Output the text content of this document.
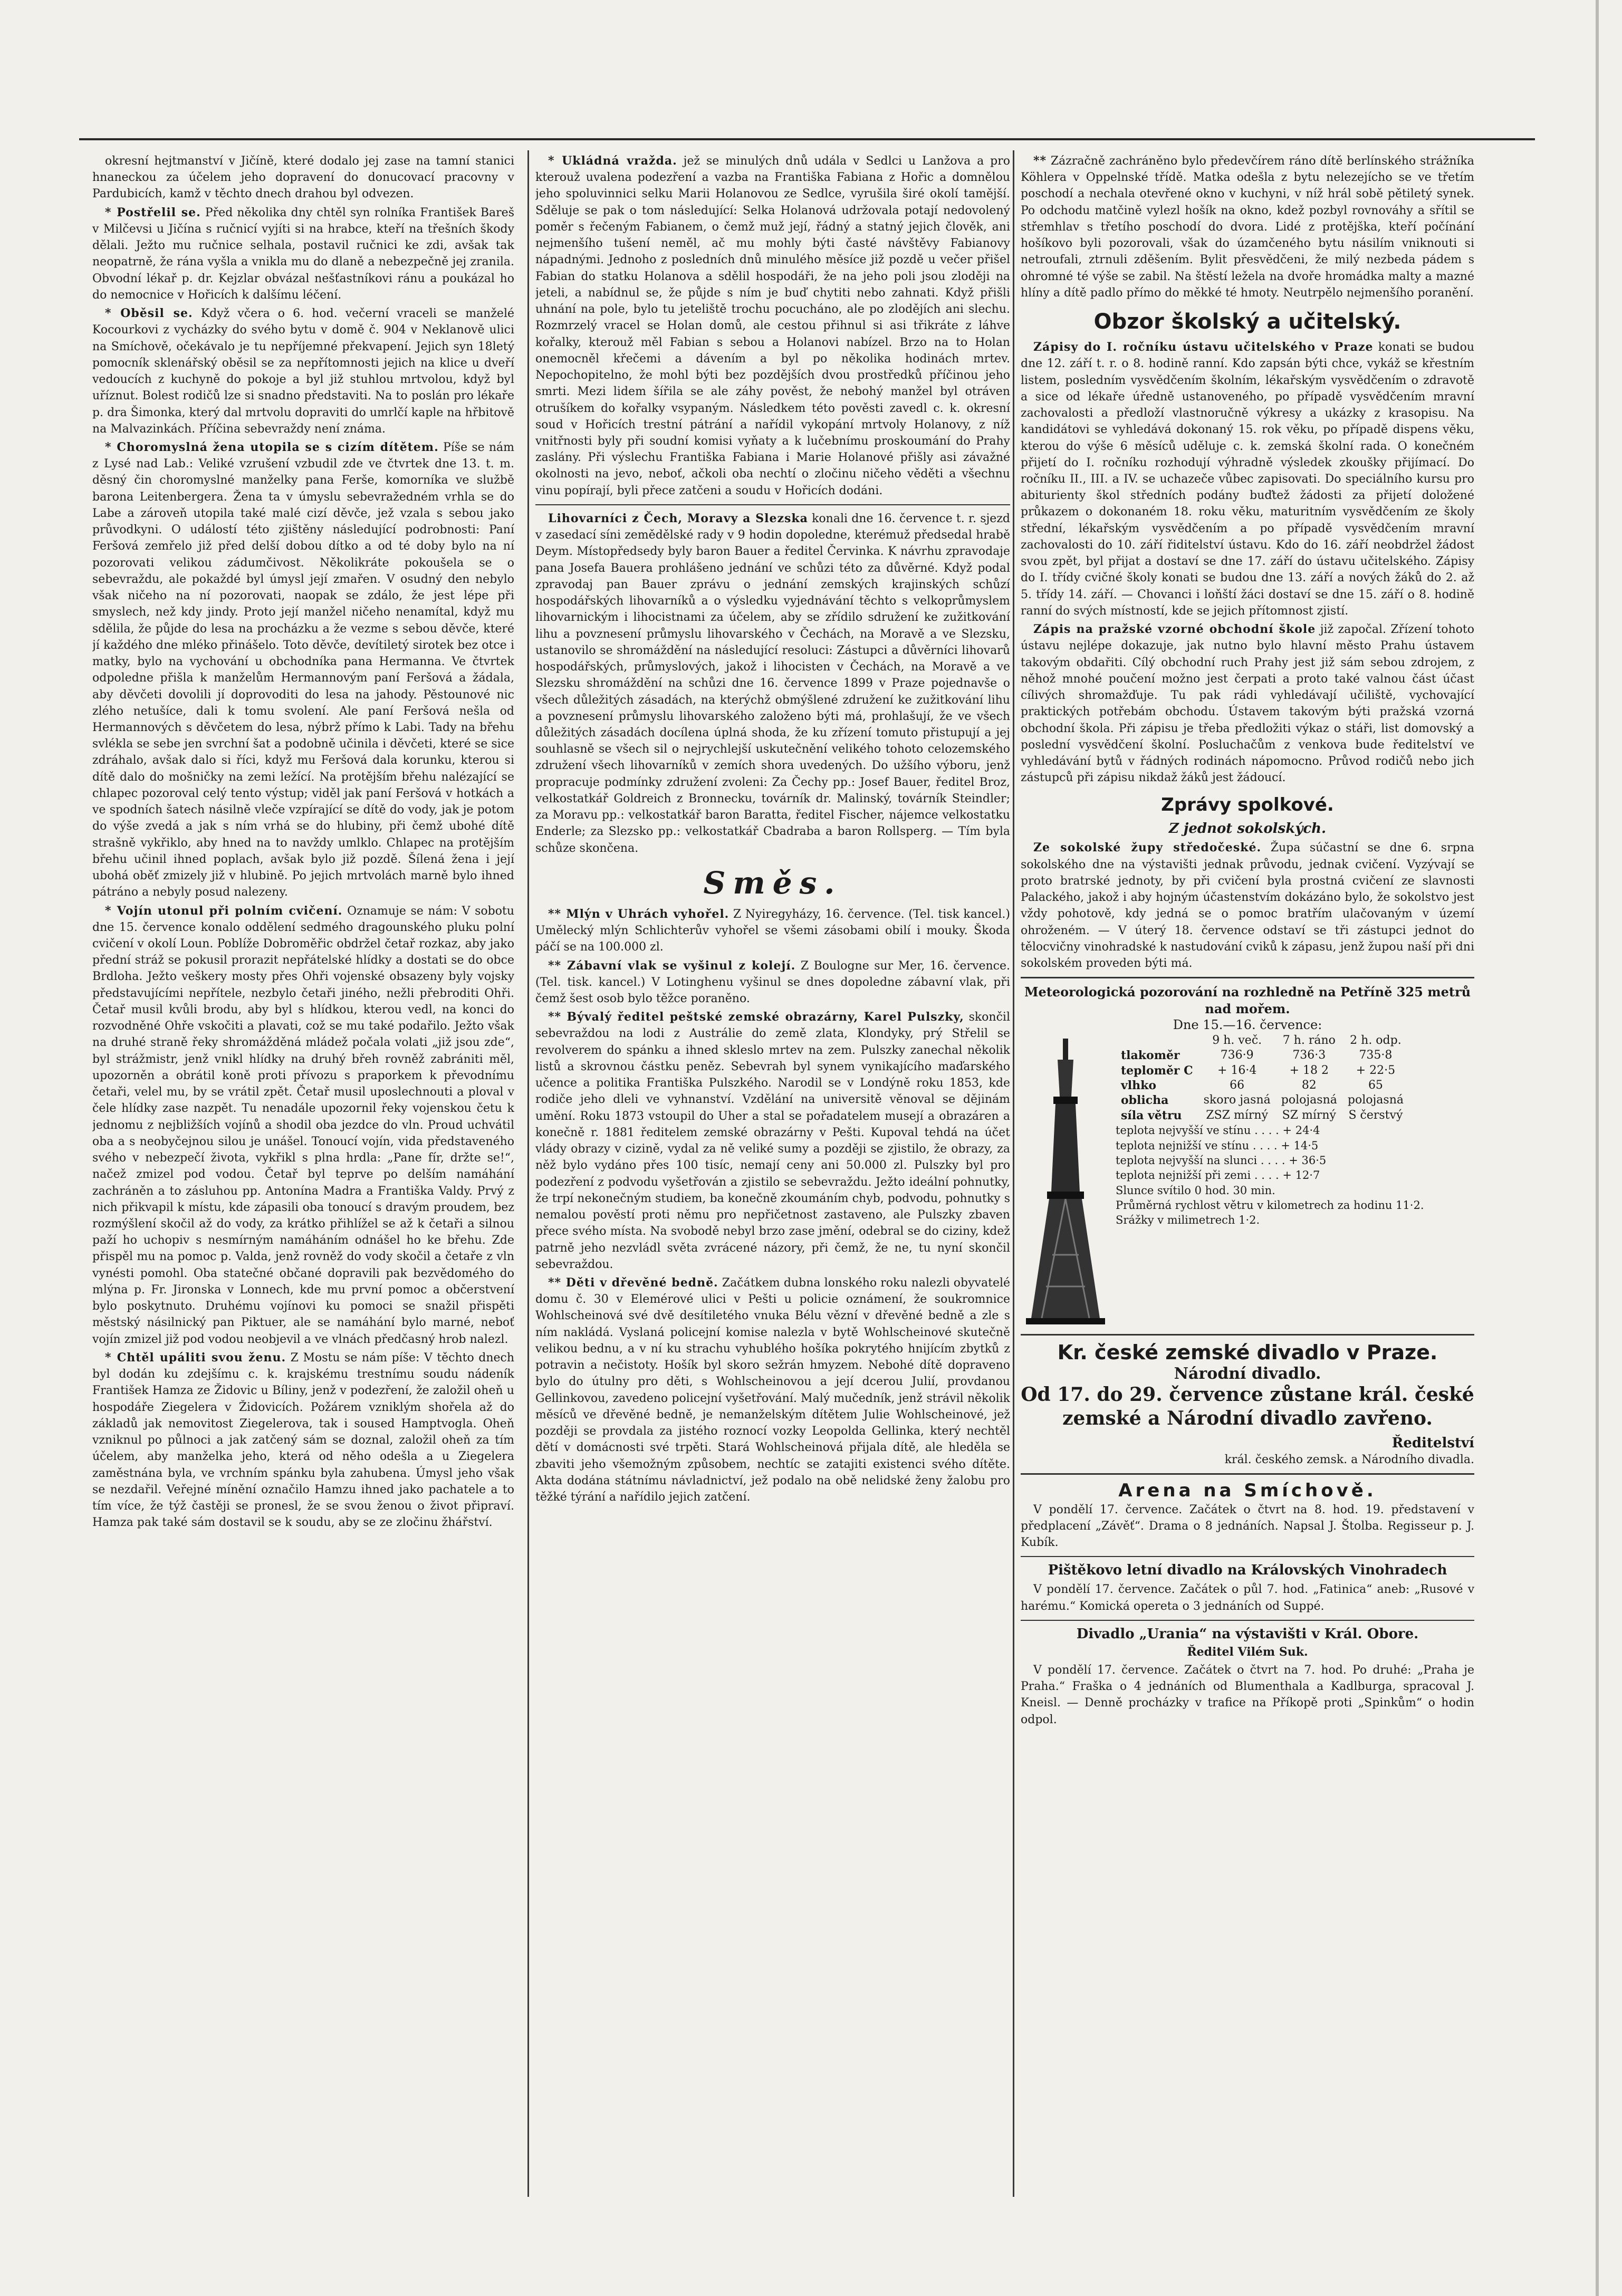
okresní hejtmanství v Jičíně, které dodalo jej zase na tamní stanici hnaneckou za účelem jeho dopravení do donucovací pracovny v Pardubicích, kamž v těchto dnech drahou byl odvezen.

* Postřelil se. Před několika dny chtěl syn rolníka František Bareš v Milčevsi u Jičína s ručnicí vyjíti si na hrabce, kteří na třešních škody dělali. Ježto mu ručnice selhala, postavil ručnici ke zdi, avšak tak neopatrně, že rána vyšla a vnikla mu do dlaně a nebezpečně jej zranila. Obvodní lékař p. dr. Kejzlar obvázal nešťastníkovi ránu a poukázal ho do nemocnice v Hořicích k dalšímu léčení.

* Oběsil se. Když včera o 6. hod. večerní vraceli se manželé Kocourkovi z vycházky do svého bytu v domě č. 904 v Neklanově ulici na Smíchově, očekávalo je tu nepříjemné překvapení. Jejich syn 18letý pomocník sklenářský oběsil se za nepřítomnosti jejich na klice u dveří vedoucích z kuchyně do pokoje a byl již stuhlou mrtvolou, když byl uříznut. Bolest rodičů lze si snadno představiti. Na to poslán pro lékaře p. dra Šimonka, který dal mrtvolu dopraviti do umrlčí kaple na hřbitově na Malvazinkách. Příčina sebevraždy není známa.

* Choromyslná žena utopila se s cizím dítětem. Píše se nám z Lysé nad Lab.: Veliké vzrušení vzbudil zde ve čtvrtek dne 13. t. m. děsný čin choromyslné manželky pana Ferše, komorníka ve službě barona Leitenbergera. Žena ta v úmyslu sebevražedném vrhla se do Labe a zároveň utopila také malé cizí děvče, jež vzala s sebou jako průvodkyni. O událostí této zjištěny následující podrobnosti: Paní Feršová zemřelo již před delší dobou dítko a od té doby bylo na ní pozorovati velikou zádumčivost. Několikráte pokoušela se o sebevraždu, ale pokaždé byl úmysl její zmařen. V osudný den nebylo však ničeho na ní pozorovati, naopak se zdálo, že jest lépe při smyslech, než kdy jindy. Proto její manžel ničeho nenamítal, když mu sdělila, že půjde do lesa na procházku a že vezme s sebou děvče, které jí každého dne mléko přinášelo. Toto děvče, devítiletý sirotek bez otce i matky, bylo na vychování u obchodníka pana Hermanna. Ve čtvrtek odpoledne přišla k manželům Hermannovým paní Feršová a žádala, aby děvčeti dovolili jí doprovoditi do lesa na jahody. Pěstounové nic zlého netušíce, dali k tomu svolení. Ale paní Feršová nešla od Hermannových s děvčetem do lesa, nýbrž přímo k Labi. Tady na břehu svlékla se sebe jen svrchní šat a podobně učinila i děvčeti, které se sice zdráhalo, avšak dalo si říci, když mu Feršová dala korunku, kterou si dítě dalo do mošničky na zemi ležící. Na protějším břehu nalézající se chlapec pozoroval celý tento výstup; viděl jak paní Feršová v hotkách a ve spodních šatech násilně vleče vzpírající se dítě do vody, jak je potom do výše zvedá a jak s ním vrhá se do hlubiny, při čemž ubohé dítě strašně vykřiklo, aby hned na to navždy umlklo. Chlapec na protějším břehu učinil ihned poplach, avšak bylo již pozdě. Šílená žena i její ubohá oběť zmizely již v hlubině. Po jejich mrtvolách marně bylo ihned pátráno a nebyly posud nalezeny.

* Vojín utonul při polním cvičení. Oznamuje se nám: V sobotu dne 15. července konalo oddělení sedmého dragounského pluku polní cvičení v okolí Loun. Poblíže Dobroměřic obdržel četař rozkaz, aby jako přední stráž se pokusil prorazit nepřátelské hlídky a dostati se do obce Brdloha. Ježto veškery mosty přes Ohři vojenské obsazeny byly vojsky představujícími nepřítele, nezbylo četaři jiného, nežli přebroditi Ohři. Četař musil kvůli brodu, aby byl s hlídkou, kterou vedl, na konci do rozvodněné Ohře vskočiti a plavati, což se mu také podařilo. Ježto však na druhé straně řeky shromážděná mládež počala volati „již jsou zde“, byl strážmistr, jenž vnikl hlídky na druhý břeh rovněž zabrániti měl, upozorněn a obrátil koně proti přívozu s praporkem k převodnímu četaři, velel mu, by se vrátil zpět. Četař musil uposlechnouti a ploval v čele hlídky zase nazpět. Tu nenadále upozornil řeky vojenskou četu k jednomu z nejbližších vojínů a shodil oba jezdce do vln. Proud uchvátil oba a s neobyčejnou silou je unášel. Tonoucí vojín, vida představeného svého v nebezpečí života, vykřikl s plna hrdla: „Pane fír, držte se!“, načež zmizel pod vodou. Četař byl teprve po delším namáhání zachráněn a to zásluhou pp. Antonína Madra a Františka Valdy. Prvý z nich přikvapil k místu, kde zápasili oba tonoucí s dravým proudem, bez rozmýšlení skočil až do vody, za krátko přihlížel se až k četaři a silnou paží ho uchopiv s nesmírným namáháním odnášel ho ke břehu. Zde přispěl mu na pomoc p. Valda, jenž rovněž do vody skočil a četaře z vln vynésti pomohl. Oba statečné občané dopravili pak bezvědomého do mlýna p. Fr. Jironska v Lonnech, kde mu první pomoc a občerstvení bylo poskytnuto. Druhému vojínovi ku pomoci se snažil přispěti městský násilnický pan Piktuer, ale se namáhání bylo marné, neboť vojín zmizel již pod vodou neobjevil a ve vlnách předčasný hrob nalezl.

* Chtěl upáliti svou ženu. Z Mostu se nám píše: V těchto dnech byl dodán ku zdejšímu c. k. krajskému trestnímu soudu nádeník František Hamza ze Židovic u Bíliny, jenž v podezření, že založil oheň u hospodáře Ziegelera v Židovicích. Požárem vzniklým shořela až do základů jak nemovitost Ziegelerova, tak i soused Hamptvogla. Oheň vzniknul po půlnoci a jak zatčený sám se doznal, založil oheň za tím účelem, aby manželka jeho, která od něho odešla a u Ziegelera zaměstnána byla, ve vrchním spánku byla zahubena. Úmysl jeho však se nezdařil. Veřejné mínění označilo Hamzu ihned jako pachatele a to tím více, že týž častěji se pronesl, že se svou ženou o život připraví. Hamza pak také sám dostavil se k soudu, aby se ze zločinu žhářství.

* Ukládná vražda. jež se minulých dnů udála v Sedlci u Lanžova a pro kterouž uvalena podezření a vazba na Františka Fabiana z Hořic a domnělou jeho spoluvinnici selku Marii Holanovou ze Sedlce, vyrušila širé okolí tamější. Sděluje se pak o tom následující: Selka Holanová udržovala potají nedovolený poměr s řečeným Fabianem, o čemž muž její, řádný a statný jejich člověk, ani nejmenšího tušení neměl, ač mu mohly býti časté návštěvy Fabianovy nápadnými. Jednoho z posledních dnů minulého měsíce již pozdě u večer přišel Fabian do statku Holanova a sdělil hospodáři, že na jeho poli jsou zloději na jeteli, a nabídnul se, že půjde s ním je buď chytiti nebo zahnati. Když přišli uhnání na pole, bylo tu jeteliště trochu pocucháno, ale po zlodějích ani slechu. Rozmrzelý vracel se Holan domů, ale cestou přihnul si asi třikráte z láhve kořalky, kterouž měl Fabian s sebou a Holanovi nabízel. Brzo na to Holan onemocněl křečemi a dávením a byl po několika hodinách mrtev. Nepochopitelno, že mohl býti bez pozdějších dvou prostředků příčinou jeho smrti. Mezi lidem šířila se ale záhy pověst, že nebohý manžel byl otráven otrušíkem do kořalky vsypaným. Následkem této pověsti zavedl c. k. okresní soud v Hořicích trestní pátrání a nařídil vykopání mrtvoly Holanovy, z níž vnitřnosti byly při soudní komisi vyňaty a k lučebnímu proskoumání do Prahy zaslány. Při výslechu Františka Fabiana i Marie Holanové přišly asi závažné okolnosti na jevo, neboť, ačkoli oba nechtí o zločinu ničeho věděti a všechnu vinu popírají, byli přece zatčeni a soudu v Hořicích dodáni.

Lihovarníci z Čech, Moravy a Slezska konali dne 16. července t. r. sjezd v zasedací síni zemědělské rady v 9 hodin dopoledne, kterémuž předsedal hrabě Deym. Místopředsedy byly baron Bauer a ředitel Červinka. K návrhu zpravodaje pana Josefa Bauera prohlášeno jednání ve schůzi této za důvěrné. Když podal zpravodaj pan Bauer zprávu o jednání zemských krajinských schůzí hospodářských lihovarníků a o výsledku vyjednávání těchto s velkoprůmyslem lihovarnickým i lihocistnami za účelem, aby se zřídilo sdružení ke zužitkování lihu a povznesení průmyslu lihovarského v Čechách, na Moravě a ve Slezsku, ustanovilo se shromáždění na následující resoluci: Zástupci a důvěrníci lihovarů hospodářských, průmyslových, jakož i lihocisten v Čechách, na Moravě a ve Slezsku shromáždění na schůzi dne 16. července 1899 v Praze pojednavše o všech důležitých zásadách, na kterýchž obmýšlené združení ke zužitkování lihu a povznesení průmyslu lihovarského založeno býti má, prohlašují, že ve všech důležitých zásadách docílena úplná shoda, že ku zřízení tomuto přistupují a jej souhlasně se všech sil o nejrychlejší uskutečnění velikého tohoto celozemského združení všech lihovarníků v zemích shora uvedených. Do užšího výboru, jenž propracuje podmínky združení zvoleni: Za Čechy pp.: Josef Bauer, ředitel Broz, velkostatkář Goldreich z Bronnecku, továrník dr. Malinský, továrník Steindler; za Moravu pp.: velkostatkář baron Baratta, ředitel Fischer, nájemce velkostatku Enderle; za Slezsko pp.: velkostatkář Cbadraba a baron Rollsperg. — Tím byla schůze skončena.

Směs.

** Mlýn v Uhrách vyhořel. Z Nyiregyházy, 16. července. (Tel. tisk kancel.) Umělecký mlýn Schlichterův vyhořel se všemi zásobami obilí i mouky. Škoda páčí se na 100.000 zl.

** Zábavní vlak se vyšinul z kolejí. Z Boulogne sur Mer, 16. července. (Tel. tisk. kancel.) V Lotinghenu vyšinul se dnes dopoledne zábavní vlak, při čemž šest osob bylo těžce poraněno.

** Bývalý ředitel peštské zemské obrazárny, Karel Pulszky, skončil sebevraždou na lodi z Austrálie do země zlata, Klondyky, prý Střelil se revolverem do spánku a ihned skleslo mrtev na zem. Pulszky zanechal několik listů a skrovnou částku peněz. Sebevrah byl synem vynikajícího maďarského učence a politika Františka Pulszkého. Narodil se v Londýně roku 1853, kde rodiče jeho dleli ve vyhnanství. Vzdělání na universitě věnoval se dějinám umění. Roku 1873 vstoupil do Uher a stal se pořadatelem musejí a obrazáren a konečně r. 1881 ředitelem zemské obrazárny v Pešti. Kupoval tehdá na účet vlády obrazy v cizině, vydal za ně veliké sumy a později se zjistilo, že obrazy, za něž bylo vydáno přes 100 tisíc, nemají ceny ani 50.000 zl. Pulszky byl pro podezření z podvodu vyšetřován a zjistilo se sebevraždu. Ježto ideální pohnutky, že trpí nekonečným studiem, ba konečně zkoumáním chyb, podvodu, pohnutky s nemalou pověstí proti němu pro nepřičetnost zastaveno, ale Pulszky zbaven přece svého místa. Na svobodě nebyl brzo zase jmění, odebral se do ciziny, kdež patrně jeho nezvládl světa zvrácené názory, při čemž, že ne, tu nyní skončil sebevraždou.

** Děti v dřevěné bedně. Začátkem dubna lonského roku nalezli obyvatelé domu č. 30 v Elemérové ulici v Pešti u policie oznámení, že soukromnice Wohlscheinová své dvě desítiletého vnuka Bélu vězní v dřevěné bedně a zle s ním nakládá. Vyslaná policejní komise nalezla v bytě Wohlscheinové skutečně velikou bednu, a v ní ku strachu vyhublého hošíka pokrytého hnijícím zbytků z potravin a nečistoty. Hošík byl skoro sežrán hmyzem. Nebohé dítě dopraveno bylo do útulny pro děti, s Wohlscheinovou a její dcerou Julií, provdanou Gellinkovou, zavedeno policejní vyšetřování. Malý mučedník, jenž strávil několik měsíců ve dřevěné bedně, je nemanželským dítětem Julie Wohlscheinové, jež později se provdala za jistého roznocí vozky Leopolda Gellinka, který nechtěl dětí v domácnosti své trpěti. Stará Wohlscheinová přijala dítě, ale hleděla se zbaviti jeho všemožným způsobem, nechtíc se zatajiti existenci svého dítěte. Akta dodána státnímu návladnictví, jež podalo na obě nelidské ženy žalobu pro těžké týrání a nařídilo jejich zatčení.

** Zázračně zachráněno bylo předevčírem ráno dítě berlínského strážníka Köhlera v Oppelnské třídě. Matka odešla z bytu nelezejícho se ve třetím poschodí a nechala otevřené okno v kuchyni, v níž hrál sobě pětiletý synek. Po odchodu matčině vylezl hošík na okno, kdež pozbyl rovnováhy a sřítil se střemhlav s třetího poschodí do dvora. Lidé z protějška, kteří počínání hošíkovo byli pozorovali, však do úzamčeného bytu násilím vniknouti si netroufali, ztrnuli zděšením. Bylit přesvědčeni, že milý nezbeda pádem s ohromné té výše se zabil. Na štěstí ležela na dvoře hromádka malty a mazné hlíny a dítě padlo přímo do měkké té hmoty. Neutrpělo nejmenšího poranění.

Obzor školský a učitelský.

Zápisy do I. ročníku ústavu učitelského v Praze konati se budou dne 12. září t. r. o 8. hodině ranní. Kdo zapsán býti chce, vykáž se křestním listem, posledním vysvědčením školním, lékařským vysvědčením o zdravotě a sice od lékaře úředně ustanoveného, po případě vysvědčením mravní zachovalosti a předloží vlastnoručně výkresy a ukázky z krasopisu. Na kandidátovi se vyhledává dokonaný 15. rok věku, po případě dispens věku, kterou do výše 6 měsíců uděluje c. k. zemská školní rada. O konečném přijetí do I. ročníku rozhodují výhradně výsledek zkoušky přijímací. Do ročníku II., III. a IV. se uchazeče vůbec zapisovati. Do speciálního kursu pro abiturienty škol středních podány buďtež žádosti za přijetí doložené průkazem o dokonaném 18. roku věku, maturitním vysvědčením ze školy střední, lékařským vysvědčením a po případě vysvědčením mravní zachovalosti do 10. září řiditelství ústavu. Kdo do 16. září neobdržel žádost svou zpět, byl přijat a dostaví se dne 17. září do ústavu učitelského. Zápisy do I. třídy cvičné školy konati se budou dne 13. září a nových žáků do 2. až 5. třídy 14. září. — Chovanci i loňští žáci dostaví se dne 15. září o 8. hodině ranní do svých místností, kde se jejich přítomnost zjistí.

Zápis na pražské vzorné obchodní škole již započal. Zřízení tohoto ústavu nejlépe dokazuje, jak nutno bylo hlavní město Prahu ústavem takovým obdařiti. Cílý obchodní ruch Prahy jest již sám sebou zdrojem, z něhož mnohé poučení možno jest čerpati a proto také valnou část účast cílivých shromažďuje. Tu pak rádi vyhledávají učiliště, vychovající praktických potřebám obchodu. Ústavem takovým býti pražská vzorná obchodní škola. Při zápisu je třeba předložiti výkaz o stáři, list domovský a poslední vysvědčení školní. Posluchačům z venkova bude ředitelství ve vyhledávání bytů v řádných rodinách nápomocno. Průvod rodičů nebo jich zástupců při zápisu nikdaž žáků jest žádoucí.

Zprávy spolkové.
Z jednot sokolských.

Ze sokolské župy středočeské. Župa súčastní se dne 6. srpna sokolského dne na výstavišti jednak průvodu, jednak cvičení. Vyzývají se proto bratrské jednoty, by při cvičení byla prostná cvičení ze slavnosti Palackého, jakož i aby hojným účastenstvím dokázáno bylo, že sokolstvo jest vždy pohotově, kdy jedná se o pomoc bratřím ulačovaným v území ohroženém. — V úterý 18. července odstaví se tři zástupci jednot do tělocvičny vinohradské k nastudování cviků k zápasu, jenž župou naší při dni sokolském proveden býti má.

Meteorologická pozorování na rozhledně na Petříně 325 metrů nad mořem.
Dne 15.—16. července:
	9 h. več.	7 h. ráno	2 h. odp.
tlakoměr	736·9	736·3	735·8
teploměr C	+ 16·4	+ 18 2	+ 22·5
vlhko	66	82	65
oblicha	skoro jasná	polojasná	polojasná
síla větru	ZSZ mírný	SZ mírný	S čerstvý
teplota nejvyšší ve stínu . . . . + 24·4
teplota nejnižší ve stínu . . . . + 14·5
teplota nejvyšší na slunci . . . . + 36·5
teplota nejnižší při zemi . . . . + 12·7
Slunce svítilo 0 hod. 30 min.
Průměrná rychlost větru v kilometrech za hodinu 11·2.
Srážky v milimetrech 1·2.
Kr. české zemské divadlo v Praze.
Národní divadlo.
Od 17. do 29. července zůstane král. české zemské a Národní divadlo zavřeno.
Ředitelství
král. českého zemsk. a Národního divadla.
Arena na Smíchově.

V pondělí 17. července. Začátek o čtvrt na 8. hod. 19. představení v předplacení „Závěť“. Drama o 8 jednáních. Napsal J. Štolba. Regisseur p. J. Kubík.

Pištěkovo letní divadlo na Královských Vinohradech

V pondělí 17. července. Začátek o půl 7. hod. „Fatinica“ aneb: „Rusové v harému.“ Komická opereta o 3 jednáních od Suppé.

Divadlo „Urania“ na výstavišti v Král. Obore.
Ředitel Vilém Suk.

V pondělí 17. července. Začátek o čtvrt na 7. hod. Po druhé: „Praha je Praha.“ Fraška o 4 jednáních od Blumenthala a Kadlburga, spracoval J. Kneisl. — Denně procházky v trafice na Příkopě proti „Spinkům“ o hodin odpol.
